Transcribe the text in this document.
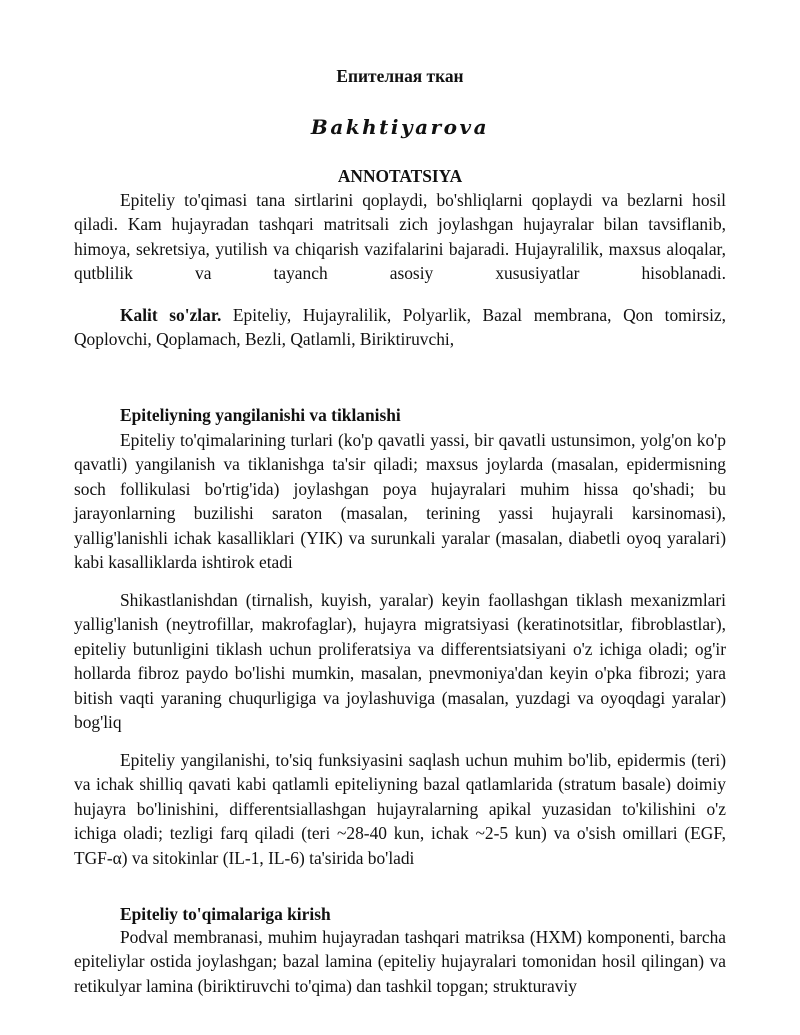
Епителная ткан
Bakhtiyarova
ANNOTATSIYA

Epiteliy to'qimasi tana sirtlarini qoplaydi, bo'shliqlarni qoplaydi va bezlarni hosil qiladi. Kam hujayradan tashqari matritsali zich joylashgan hujayralar bilan tavsiflanib, himoya, sekretsiya, yutilish va chiqarish vazifalarini bajaradi. Hujayralilik, maxsus aloqalar, qutblilik va tayanch asosiy xususiyatlar hisoblanadi.

Kalit so'zlar. Epiteliy, Hujayralilik, Polyarlik, Bazal membrana, Qon tomirsiz, Qoplovchi, Qoplamach, Bezli, Qatlamli, Biriktiruvchi,

Epiteliyning yangilanishi va tiklanishi

Epiteliy to'qimalarining turlari (ko'p qavatli yassi, bir qavatli ustunsimon, yolg'on ko'p qavatli) yangilanish va tiklanishga ta'sir qiladi; maxsus joylarda (masalan, epidermisning soch follikulasi bo'rtig'ida) joylashgan poya hujayralari muhim hissa qo'shadi; bu jarayonlarning buzilishi saraton (masalan, terining yassi hujayrali karsinomasi), yallig'lanishli ichak kasalliklari (YIK) va surunkali yaralar (masalan, diabetli oyoq yaralari) kabi kasalliklarda ishtirok etadi

Shikastlanishdan (tirnalish, kuyish, yaralar) keyin faollashgan tiklash mexanizmlari yallig'lanish (neytrofillar, makrofaglar), hujayra migratsiyasi (keratinotsitlar, fibroblastlar), epiteliy butunligini tiklash uchun proliferatsiya va differentsiatsiyani o'z ichiga oladi; og'ir hollarda fibroz paydo bo'lishi mumkin, masalan, pnevmoniya'dan keyin o'pka fibrozi; yara bitish vaqti yaraning chuqurligiga va joylashuviga (masalan, yuzdagi va oyoqdagi yaralar) bog'liq

Epiteliy yangilanishi, to'siq funksiyasini saqlash uchun muhim bo'lib, epidermis (teri) va ichak shilliq qavati kabi qatlamli epiteliyning bazal qatlamlarida (stratum basale) doimiy hujayra bo'linishini, differentsiallashgan hujayralarning apikal yuzasidan to'kilishini o'z ichiga oladi; tezligi farq qiladi (teri ~28-40 kun, ichak ~2-5 kun) va o'sish omillari (EGF, TGF-α) va sitokinlar (IL-1, IL-6) ta'sirida bo'ladi

Epiteliy to'qimalariga kirish

Podval membranasi, muhim hujayradan tashqari matriksa (HXM) komponenti, barcha epiteliylar ostida joylashgan; bazal lamina (epiteliy hujayralari tomonidan hosil qilingan) va retikulyar lamina (biriktiruvchi to'qima) dan tashkil topgan; strukturaviy
